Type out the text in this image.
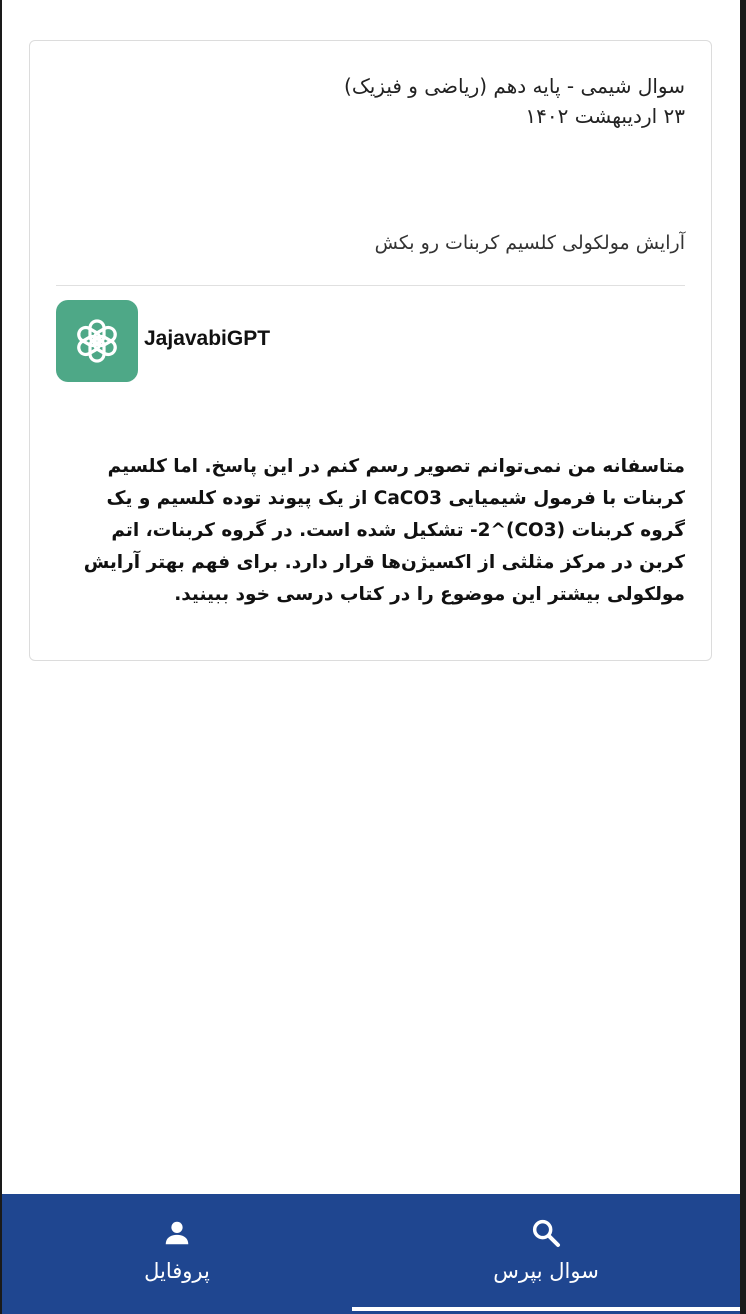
سوال شیمی - پایه دهم (ریاضی و فیزیک)
۲۳ اردیبهشت ۱۴۰۲
آرایش مولکولی کلسیم کربنات رو بکش
JajavabiGPT
متاسفانه من نمی‌توانم تصویر رسم کنم در این پاسخ. اما کلسیم کربنات با فرمول شیمیایی CaCO3 از یک پیوند توده کلسیم و یک گروه کربنات (CO3)^2- تشکیل شده است. در گروه کربنات، اتم کربن در مرکز مثلثی از اکسیژن‌ها قرار دارد. برای فهم بهتر آرایش مولکولی بیشتر این موضوع را در کتاب درسی خود ببینید.
پروفایل	سوال بپرس
